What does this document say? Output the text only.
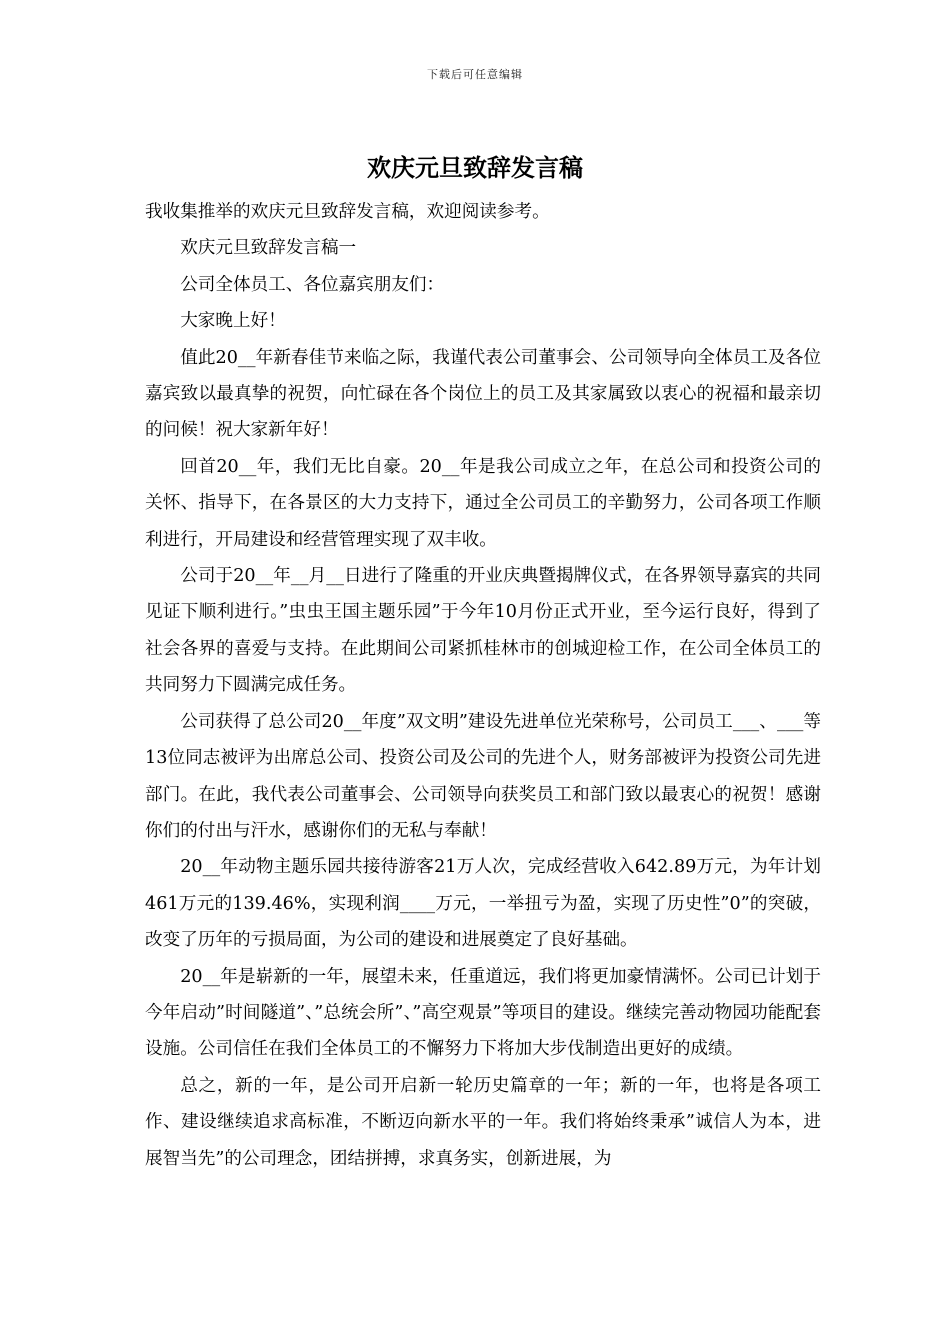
下载后可任意编辑
欢庆元旦致辞发言稿

我收集推举的欢庆元旦致辞发言稿，欢迎阅读参考。

欢庆元旦致辞发言稿一

公司全体员工、各位嘉宾朋友们：

大家晚上好！

值此20__年新春佳节来临之际，我谨代表公司董事会、公司领导向全体员工及各位嘉宾致以最真挚的祝贺，向忙碌在各个岗位上的员工及其家属致以衷心的祝福和最亲切的问候！祝大家新年好！

回首20__年，我们无比自豪。20__年是我公司成立之年，在总公司和投资公司的关怀、指导下，在各景区的大力支持下，通过全公司员工的辛勤努力，公司各项工作顺利进行，开局建设和经营管理实现了双丰收。

公司于20__年__月__日进行了隆重的开业庆典暨揭牌仪式，在各界领导嘉宾的共同见证下顺利进行。”虫虫王国主题乐园”于今年10月份正式开业，至今运行良好，得到了社会各界的喜爱与支持。在此期间公司紧抓桂林市的创城迎检工作，在公司全体员工的共同努力下圆满完成任务。

公司获得了总公司20__年度”双文明”建设先进单位光荣称号，公司员工___、___等13位同志被评为出席总公司、投资公司及公司的先进个人，财务部被评为投资公司先进部门。在此，我代表公司董事会、公司领导向获奖员工和部门致以最衷心的祝贺！感谢你们的付出与汗水，感谢你们的无私与奉献！

20__年动物主题乐园共接待游客21万人次，完成经营收入642.89万元，为年计划461万元的139.46%，实现利润____万元，一举扭亏为盈，实现了历史性”0”的突破，改变了历年的亏损局面，为公司的建设和进展奠定了良好基础。

20__年是崭新的一年，展望未来，任重道远，我们将更加豪情满怀。公司已计划于今年启动”时间隧道”、”总统会所”、”高空观景”等项目的建设。继续完善动物园功能配套设施。公司信任在我们全体员工的不懈努力下将加大步伐制造出更好的成绩。

总之，新的一年，是公司开启新一轮历史篇章的一年；新的一年，也将是各项工作、建设继续追求高标准，不断迈向新水平的一年。我们将始终秉承”诚信人为本，进展智当先”的公司理念，团结拼搏，求真务实，创新进展，为
